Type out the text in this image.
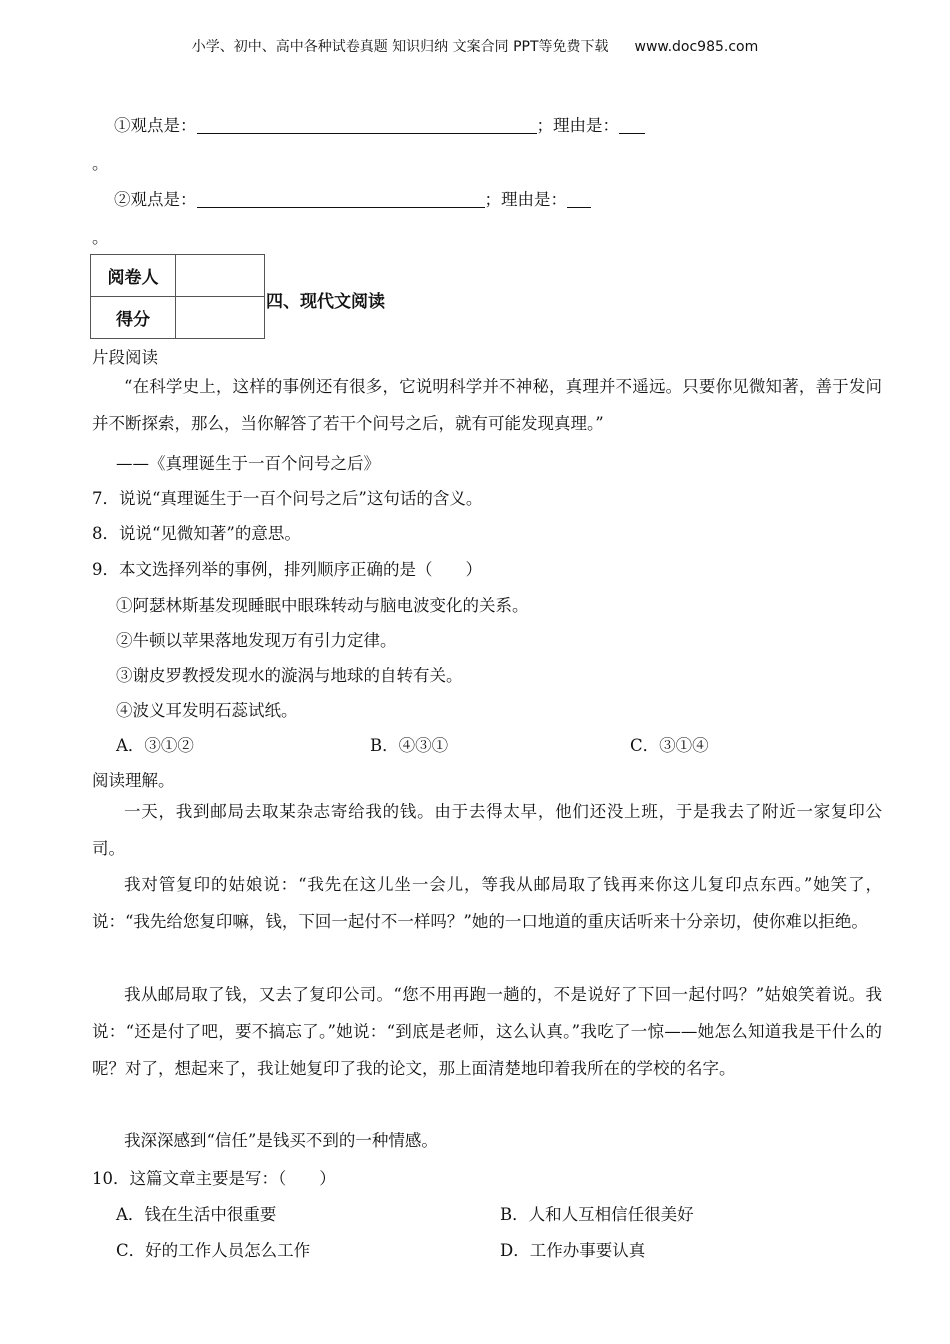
小学、初中、高中各种试卷真题 知识归纳 文案合同 PPT等免费下载 www.doc985.com
①观点是：	；理由是：
。
②观点是：	；理由是：
。
阅卷人	
得分	
四、现代文阅读
片段阅读
“在科学史上，这样的事例还有很多，它说明科学并不神秘，真理并不遥远。只要你见微知著，善于发问并不断探索，那么，当你解答了若干个问号之后，就有可能发现真理。”
——《真理诞生于一百个问号之后》
7．说说“真理诞生于一百个问号之后”这句话的含义。
8．说说“见微知著”的意思。
9．本文选择列举的事例，排列顺序正确的是（　　）
①阿瑟林斯基发现睡眠中眼珠转动与脑电波变化的关系。
②牛顿以苹果落地发现万有引力定律。
③谢皮罗教授发现水的漩涡与地球的自转有关。
④波义耳发明石蕊试纸。
A．③①②	B．④③①	C．③①④
阅读理解。
一天，我到邮局去取某杂志寄给我的钱。由于去得太早，他们还没上班，于是我去了附近一家复印公司。
我对管复印的姑娘说：“我先在这儿坐一会儿，等我从邮局取了钱再来你这儿复印点东西。”她笑了，说：“我先给您复印嘛，钱，下回一起付不一样吗？”她的一口地道的重庆话听来十分亲切，使你难以拒绝。
我从邮局取了钱，又去了复印公司。“您不用再跑一趟的，不是说好了下回一起付吗？”姑娘笑着说。我说：“还是付了吧，要不搞忘了。”她说：“到底是老师，这么认真。”我吃了一惊——她怎么知道我是干什么的呢？对了，想起来了，我让她复印了我的论文，那上面清楚地印着我所在的学校的名字。
我深深感到“信任”是钱买不到的一种情感。
10．这篇文章主要是写：（　　）
A．钱在生活中很重要	B．人和人互相信任很美好
C．好的工作人员怎么工作	D．工作办事要认真
